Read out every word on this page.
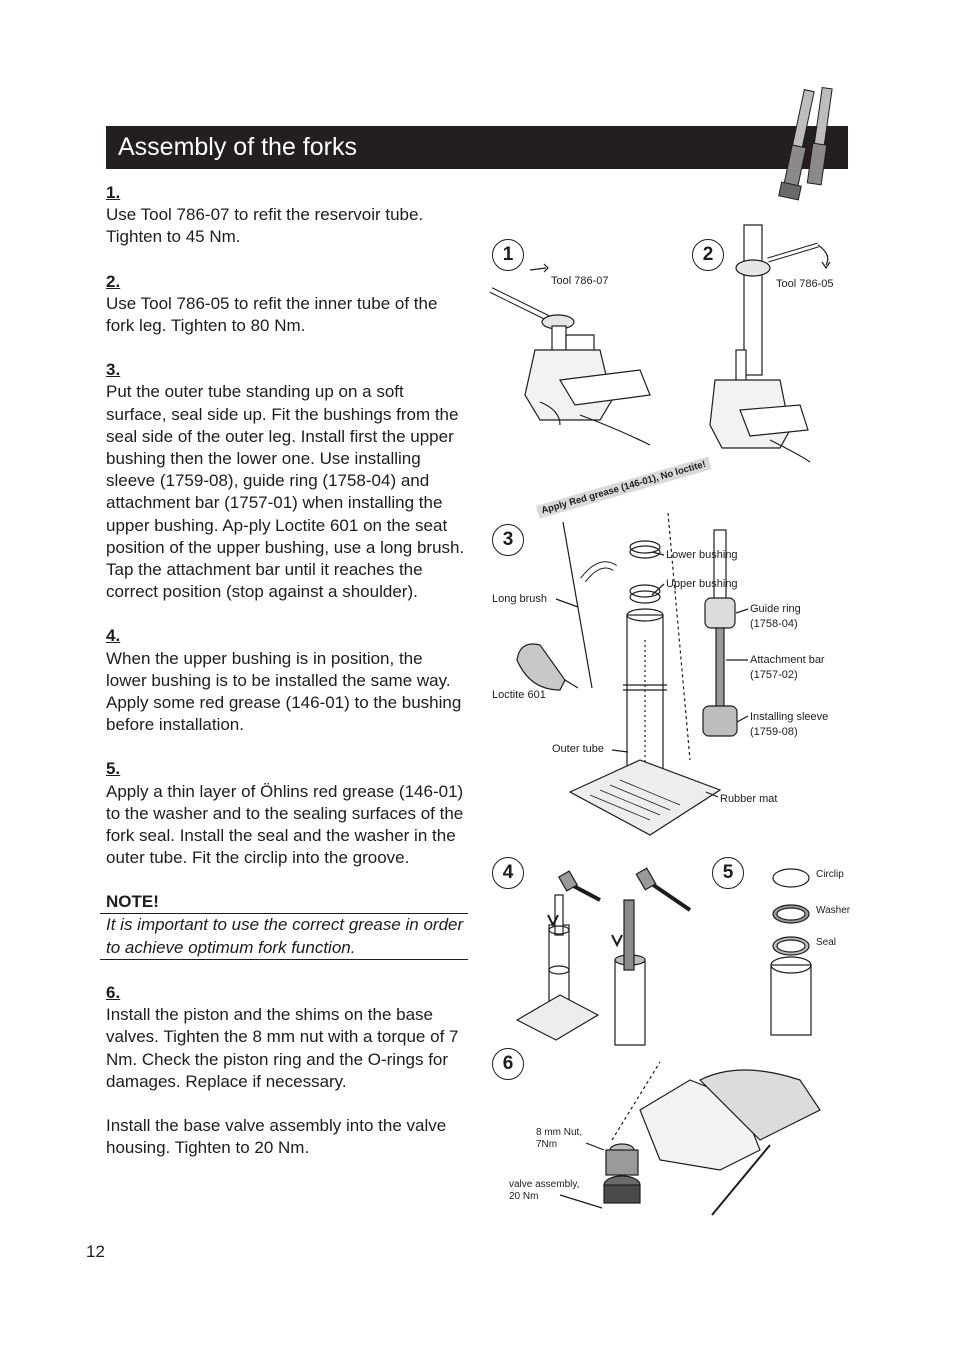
Assembly of the forks
1.
Use Tool 786-07 to refit the reservoir tube. Tighten to 45 Nm.
2.
Use Tool 786-05 to refit the inner tube of the fork leg. Tighten to 80 Nm.
3.
Put the outer tube standing up on a soft surface, seal side up. Fit the bushings from the seal side of the outer leg. Install first the upper bushing then the lower one. Use installing sleeve (1759-08), guide ring (1758-04) and attachment bar (1757-01) when installing the upper bushing. Ap-ply Loctite 601 on the seat position of the upper bushing, use a long brush. Tap the attachment bar until it reaches the correct position (stop against a shoulder).
4.
When the upper bushing is in position, the lower bushing is to be installed the same way. Apply some red grease (146-01) to the bushing before installation.
5.
Apply a thin layer of Öhlins red grease (146-01) to the washer and to the sealing surfaces of the fork seal. Install the seal and the washer in the outer tube. Fit the circlip into the groove.
NOTE!
It is important to use the correct grease in order to achieve optimum fork function.
6.
Install the piston and the shims on the base valves. Tighten the 8 mm nut with a torque of 7 Nm. Check the piston ring and the O-rings for damages. Replace if necessary.
Install the base valve assembly into the valve housing. Tighten to 20 Nm.
12
1	2
3
4	5
6
Apply Red grease (146-01), No loctite!
Tool 786-07	Tool 786-05
Lower bushing
Upper bushing
Long brush
Guide ring
(1758-04)
Attachment bar
(1757-02)
Loctite 601
Installing sleeve
(1759-08)
Outer tube
Rubber mat
Circlip
Washer
Seal
8 mm Nut,
7Nm
valve assembly,
20 Nm
